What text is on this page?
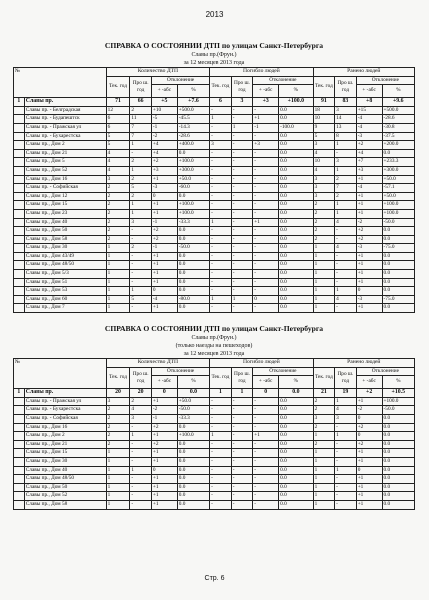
2013
СПРАВКА О СОСТОЯНИИ ДТП по улицам Санкт-Петербурга
Славы пр.(Фрун.)
за 12 месяцев 2013 года
№		Количество ДТП				Погибло людей				Ранено людей			
		Тек. год	Про ш. год	Отклонение		Тек. год	Про ш. год	Отклонение		Тек. год	Про ш. год	Отклонение	
				+ -абс	%			+ -абс	%			+ -абс	%
1	Славы пр.	71	66	+5	+7.6	6	3	+3	+100.0	91	83	+8	+9.6
	Славы пр. - Белградская	12	2	+10	+500.0	-	-	-	0.0	18	3	+15	+500.0
	Славы пр. - Будапештск	6	11	-5	-45.5	1	-	+1	0.0	10	14	-4	-28.6
	Славы пр. - Пражская ул	6	7	-1	-14.3	-	1	-1	-100.0	9	13	-4	-30.8
	Славы пр. - Бухарестска	5	7	-2	-28.6	-	-	-	0.0	5	8	-3	-37.5
	Славы пр., Дом 2	5	1	+4	+400.0	3	-	+3	0.0	3	1	+2	+200.0
	Славы пр., Дом 21	4	-	+4	0.0	-	-	-	0.0	4	-	+4	0.0
	Славы пр., Дом 5	4	2	+2	+100.0	-	-	-	0.0	10	3	+7	+233.3
	Славы пр., Дом 52	4	1	+3	+300.0	-	-	-	0.0	4	1	+3	+300.0
	Славы пр., Дом 16	3	2	+1	+50.0	-	-	-	0.0	3	2	+1	+50.0
	Славы пр. - Софийская	2	5	-3	-60.0	-	-	-	0.0	3	7	-4	-57.1
	Славы пр., Дом 12	2	2	0	0.0	-	-	-	0.0	3	2	+1	+50.0
	Славы пр., Дом 15	2	1	+1	+100.0	-	-	-	0.0	2	1	+1	+100.0
	Славы пр., Дом 23	2	1	+1	+100.0	-	-	-	0.0	2	1	+1	+100.0
	Славы пр., Дом 40	2	3	-1	-33.3	1	-	+1	0.0	2	4	-2	-50.0
	Славы пр., Дом 50	2	-	+2	0.0	-	-	-	0.0	2	-	+2	0.0
	Славы пр., Дом 58	2	-	+2	0.0	-	-	-	0.0	2	-	+2	0.0
	Славы пр., Дом 30	1	2	-1	-50.0	-	-	-	0.0	1	4	-3	-75.0
	Славы пр., Дом 43/49	1	-	+1	0.0	-	-	-	0.0	1	-	+1	0.0
	Славы пр., Дом 48/50	1	-	+1	0.0	-	-	-	0.0	1	-	+1	0.0
	Славы пр., Дом 5/3	1	-	+1	0.0	-	-	-	0.0	1	-	+1	0.0
	Славы пр., Дом 51	1	-	+1	0.0	-	-	-	0.0	1	-	+1	0.0
	Славы пр., Дом 53	1	1	0	0.0	-	-	-	0.0	1	1	0	0.0
	Славы пр., Дом 60	1	5	-4	-80.0	1	1	0	0.0	1	4	-3	-75.0
	Славы пр., Дом 7	1	-	+1	0.0	-	-	-	0.0	1	-	+1	0.0
СПРАВКА О СОСТОЯНИИ ДТП по улицам Санкт-Петербурга
Славы пр.(Фрун.)
(только наезды на пешеходов)
за 12 месяцев 2013 года
№		Количество ДТП				Погибло людей				Ранено людей			
		Тек. год	Про ш. год	Отклонение		Тек. год	Про ш. год	Отклонение		Тек. год	Про ш. год	Отклонение	
				+ -абс	%			+ -абс	%			+ -абс	%
1	Славы пр.	20	20	0	0.0	1	1	0	0.0	21	19	+2	+10.5
	Славы пр. - Пражская ул	3	2	+1	+50.0	-	-	-	0.0	2	1	+1	+100.0
	Славы пр. - Бухарестска	2	4	-2	-50.0	-	-	-	0.0	2	4	-2	-50.0
	Славы пр. - Софийская	2	3	-1	-33.3	-	-	-	0.0	3	3	0	0.0
	Славы пр., Дом 16	2	-	+2	0.0	-	-	-	0.0	2	-	+2	0.0
	Славы пр., Дом 2	2	1	+1	+100.0	1	-	+1	0.0	1	1	0	0.0
	Славы пр., Дом 21	2	-	+2	0.0	-	-	-	0.0	2	-	+2	0.0
	Славы пр., Дом 15	1	-	+1	0.0	-	-	-	0.0	1	-	+1	0.0
	Славы пр., Дом 30	1	-	+1	0.0	-	-	-	0.0	1	-	+1	0.0
	Славы пр., Дом 40	1	1	0	0.0	-	-	-	0.0	1	1	0	0.0
	Славы пр., Дом 48/50	1	-	+1	0.0	-	-	-	0.0	1	-	+1	0.0
	Славы пр., Дом 50	1	-	+1	0.0	-	-	-	0.0	1	-	+1	0.0
	Славы пр., Дом 52	1	-	+1	0.0	-	-	-	0.0	1	-	+1	0.0
	Славы пр., Дом 58	1	-	+1	0.0	-	-	-	0.0	1	-	+1	0.0
Стр. 6
